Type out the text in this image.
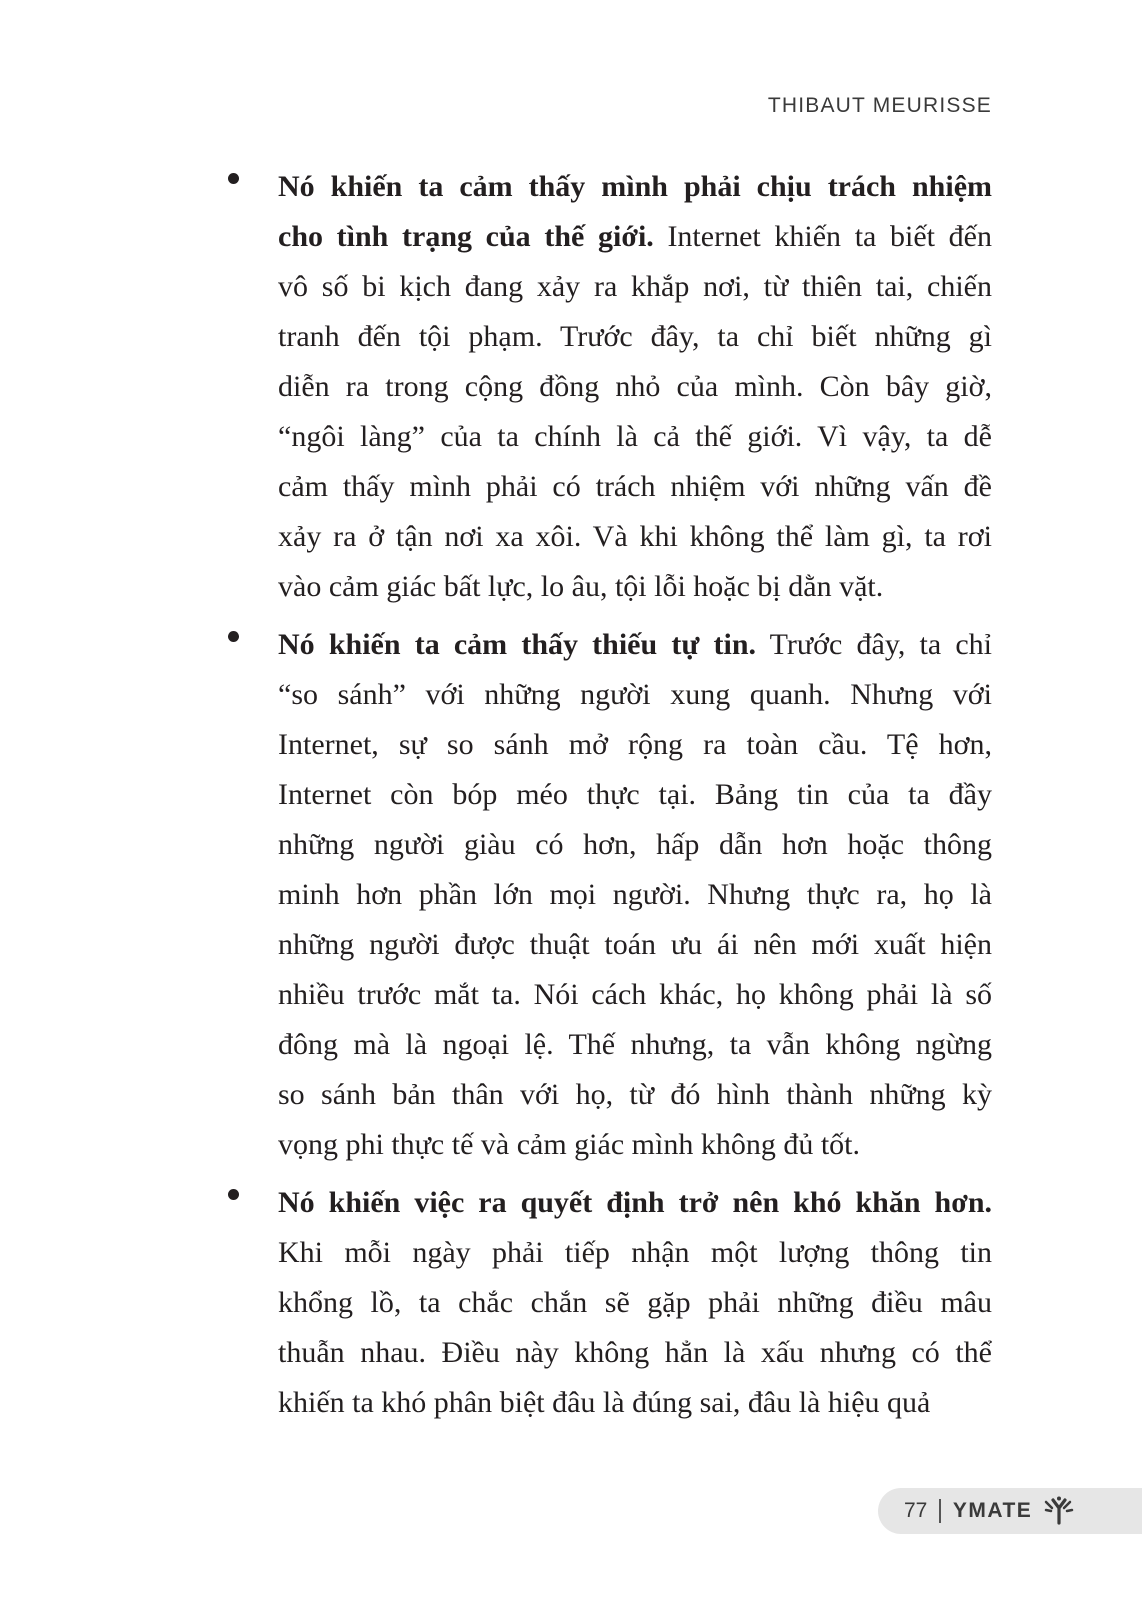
THIBAUT MEURISSE
Nó khiến ta cảm thấy mình phải chịu trách nhiệm
cho tình trạng của thế giới. Internet khiến ta biết đến
vô số bi kịch đang xảy ra khắp nơi, từ thiên tai, chiến
tranh đến tội phạm. Trước đây, ta chỉ biết những gì
diễn ra trong cộng đồng nhỏ của mình. Còn bây giờ,
“ngôi làng” của ta chính là cả thế giới. Vì vậy, ta dễ
cảm thấy mình phải có trách nhiệm với những vấn đề
xảy ra ở tận nơi xa xôi. Và khi không thể làm gì, ta rơi
vào cảm giác bất lực, lo âu, tội lỗi hoặc bị dằn vặt.
Nó khiến ta cảm thấy thiếu tự tin. Trước đây, ta chỉ
“so sánh” với những người xung quanh. Nhưng với
Internet, sự so sánh mở rộng ra toàn cầu. Tệ hơn,
Internet còn bóp méo thực tại. Bảng tin của ta đầy
những người giàu có hơn, hấp dẫn hơn hoặc thông
minh hơn phần lớn mọi người. Nhưng thực ra, họ là
những người được thuật toán ưu ái nên mới xuất hiện
nhiều trước mắt ta. Nói cách khác, họ không phải là số
đông mà là ngoại lệ. Thế nhưng, ta vẫn không ngừng
so sánh bản thân với họ, từ đó hình thành những kỳ
vọng phi thực tế và cảm giác mình không đủ tốt.
Nó khiến việc ra quyết định trở nên khó khăn hơn.
Khi mỗi ngày phải tiếp nhận một lượng thông tin
khổng lồ, ta chắc chắn sẽ gặp phải những điều mâu
thuẫn nhau. Điều này không hẳn là xấu nhưng có thể
khiến ta khó phân biệt đâu là đúng sai, đâu là hiệu quả
77 YMATE
